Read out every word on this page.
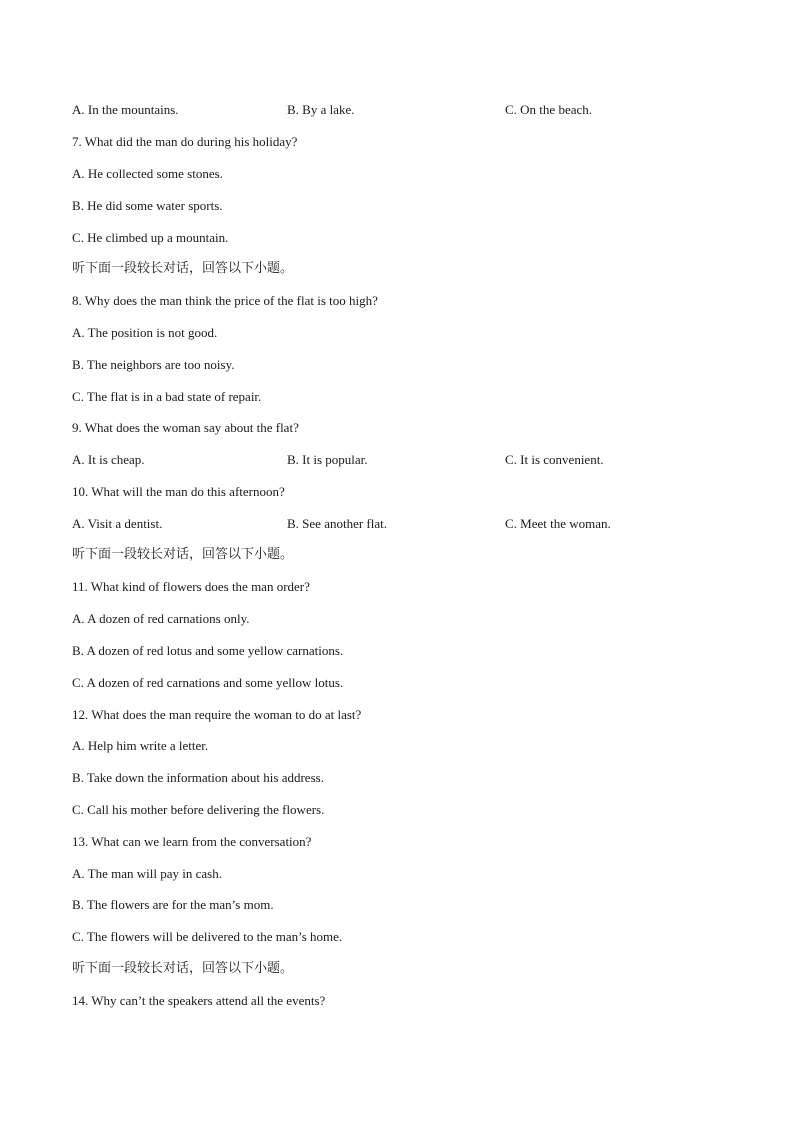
A. In the mountains.	B. By a lake.	C. On the beach.
7. What did the man do during his holiday?
A. He collected some stones.
B. He did some water sports.
C. He climbed up a mountain.
听下面一段较长对话，回答以下小题。
8. Why does the man think the price of the flat is too high?
A. The position is not good.
B. The neighbors are too noisy.
C. The flat is in a bad state of repair.
9. What does the woman say about the flat?
A. It is cheap.	B. It is popular.	C. It is convenient.
10. What will the man do this afternoon?
A. Visit a dentist.	B. See another flat.	C. Meet the woman.
听下面一段较长对话，回答以下小题。
11. What kind of flowers does the man order?
A. A dozen of red carnations only.
B. A dozen of red lotus and some yellow carnations.
C. A dozen of red carnations and some yellow lotus.
12. What does the man require the woman to do at last?
A. Help him write a letter.
B. Take down the information about his address.
C. Call his mother before delivering the flowers.
13. What can we learn from the conversation?
A. The man will pay in cash.
B. The flowers are for the man’s mom.
C. The flowers will be delivered to the man’s home.
听下面一段较长对话，回答以下小题。
14. Why can’t the speakers attend all the events?
